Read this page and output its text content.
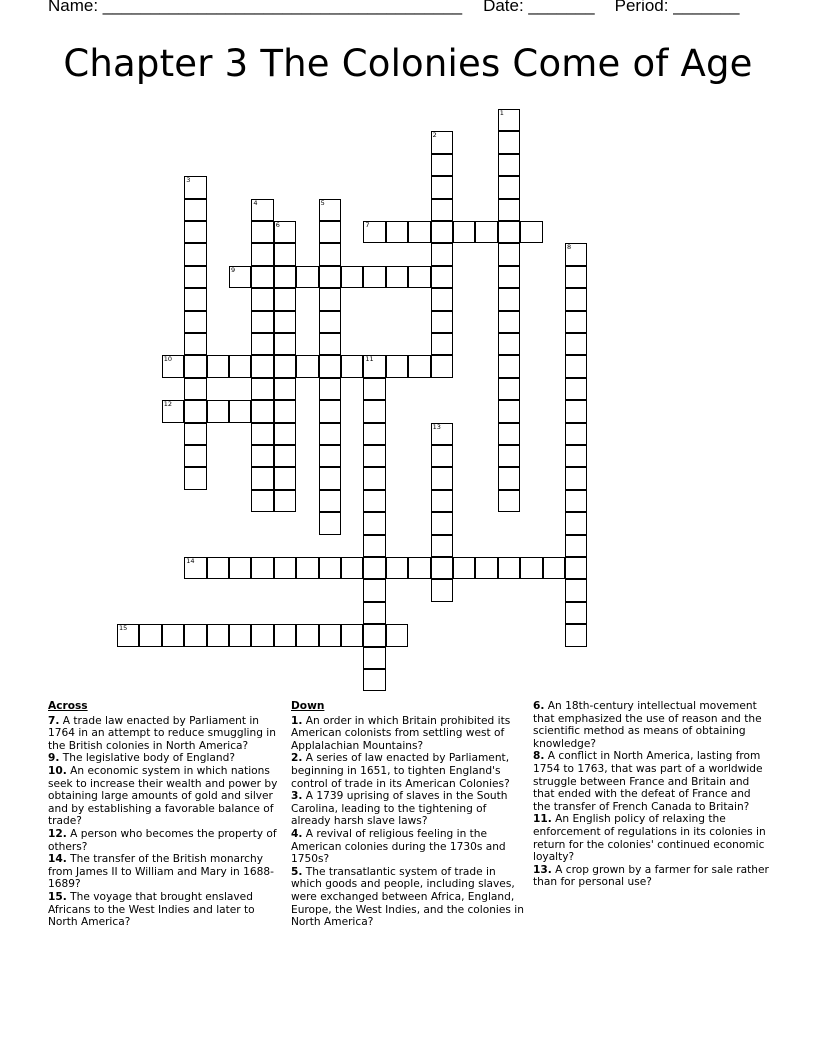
Name: ______________________________________ Date: _______ Period: _______
Chapter 3 The Colonies Come of Age
1
2
3
4	5
6	7
8
9
10	11
12
13
14
15
Across
7. A trade law enacted by Parliament in 1764 in an attempt to reduce smuggling in the British colonies in North America?
9. The legislative body of England?
10. An economic system in which nations seek to increase their wealth and power by obtaining large amounts of gold and silver and by establishing a favorable balance of trade?
12. A person who becomes the property of others?
14. The transfer of the British monarchy from James II to William and Mary in 1688-1689?
15. The voyage that brought enslaved Africans to the West Indies and later to North America?
Down
1. An order in which Britain prohibited its American colonists from settling west of Applalachian Mountains?
2. A series of law enacted by Parliament, beginning in 1651, to tighten England's control of trade in its American Colonies?
3. A 1739 uprising of slaves in the South Carolina, leading to the tightening of already harsh slave laws?
4. A revival of religious feeling in the American colonies during the 1730s and 1750s?
5. The transatlantic system of trade in which goods and people, including slaves, were exchanged between Africa, England, Europe, the West Indies, and the colonies in North America?
6. An 18th-century intellectual movement that emphasized the use of reason and the scientific method as means of obtaining knowledge?
8. A conflict in North America, lasting from 1754 to 1763, that was part of a worldwide struggle between France and Britain and that ended with the defeat of France and the transfer of French Canada to Britain?
11. An English policy of relaxing the enforcement of regulations in its colonies in return for the colonies' continued economic loyalty?
13. A crop grown by a farmer for sale rather than for personal use?
